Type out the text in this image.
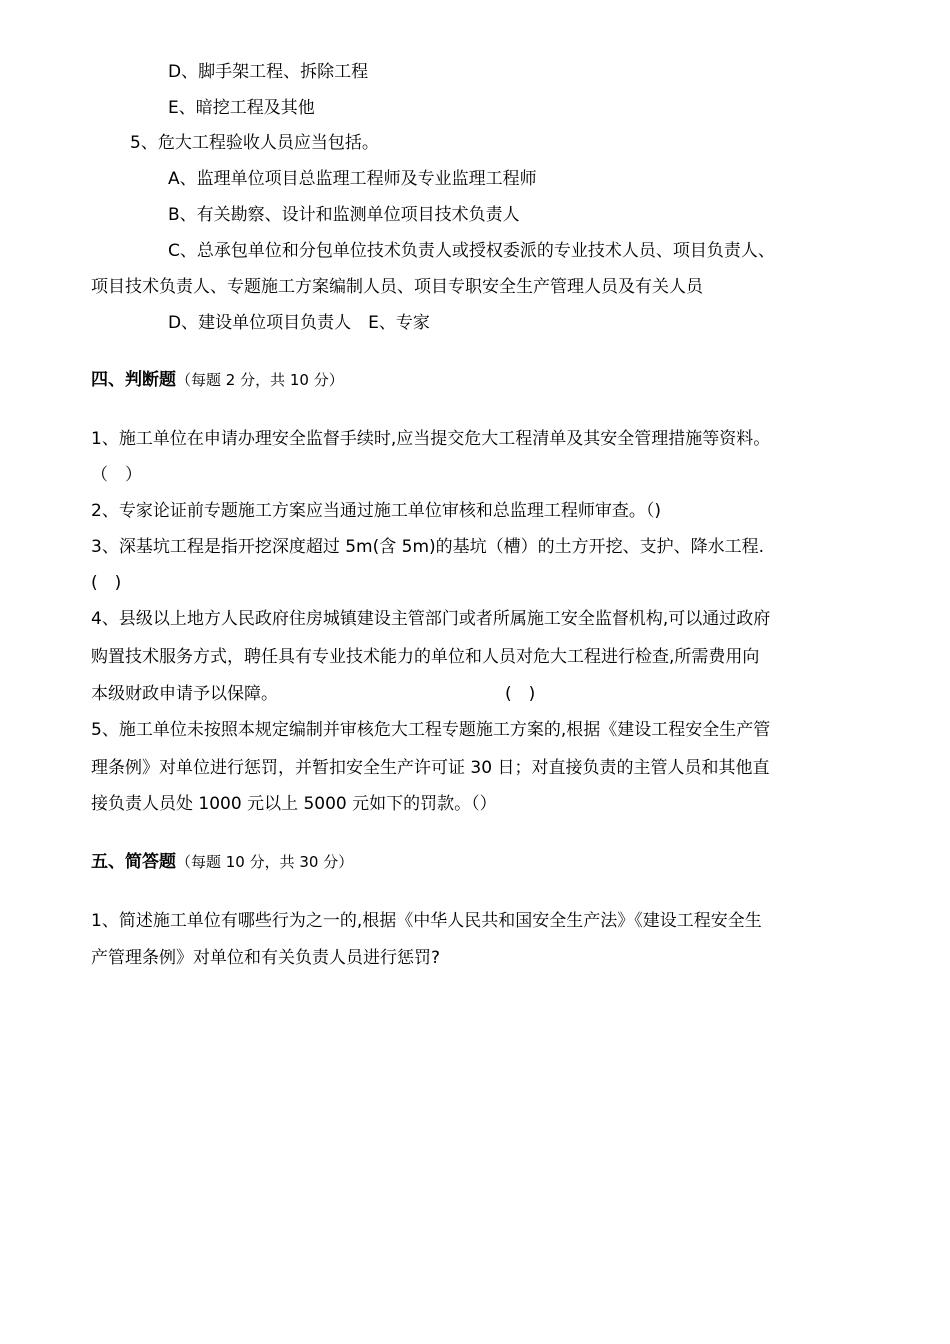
D、脚手架工程、拆除工程
E、暗挖工程及其他
5、危大工程验收人员应当包括。
A、监理单位项目总监理工程师及专业监理工程师
B、有关勘察、设计和监测单位项目技术负责人
C、总承包单位和分包单位技术负责人或授权委派的专业技术人员、项目负责人、
项目技术负责人、专题施工方案编制人员、项目专职安全生产管理人员及有关人员
D、建设单位项目负责人　E、专家
四、判断题（每题 2 分，共 10 分）
1、施工单位在申请办理安全监督手续时,应当提交危大工程清单及其安全管理措施等资料。
（　）
2、专家论证前专题施工方案应当通过施工单位审核和总监理工程师审查。（)
3、深基坑工程是指开挖深度超过 5m(含 5m)的基坑（槽）的土方开挖、支护、降水工程.
(　)
4、县级以上地方人民政府住房城镇建设主管部门或者所属施工安全监督机构,可以通过政府
购置技术服务方式，聘任具有专业技术能力的单位和人员对危大工程进行检查,所需费用向
本级财政申请予以保障。	(　)
5、施工单位未按照本规定编制并审核危大工程专题施工方案的,根据《建设工程安全生产管
理条例》对单位进行惩罚，并暂扣安全生产许可证 30 日；对直接负责的主管人员和其他直
接负责人员处 1000 元以上 5000 元如下的罚款。（）
五、简答题（每题 10 分，共 30 分）
1、简述施工单位有哪些行为之一的,根据《中华人民共和国安全生产法》《建设工程安全生
产管理条例》对单位和有关负责人员进行惩罚?
